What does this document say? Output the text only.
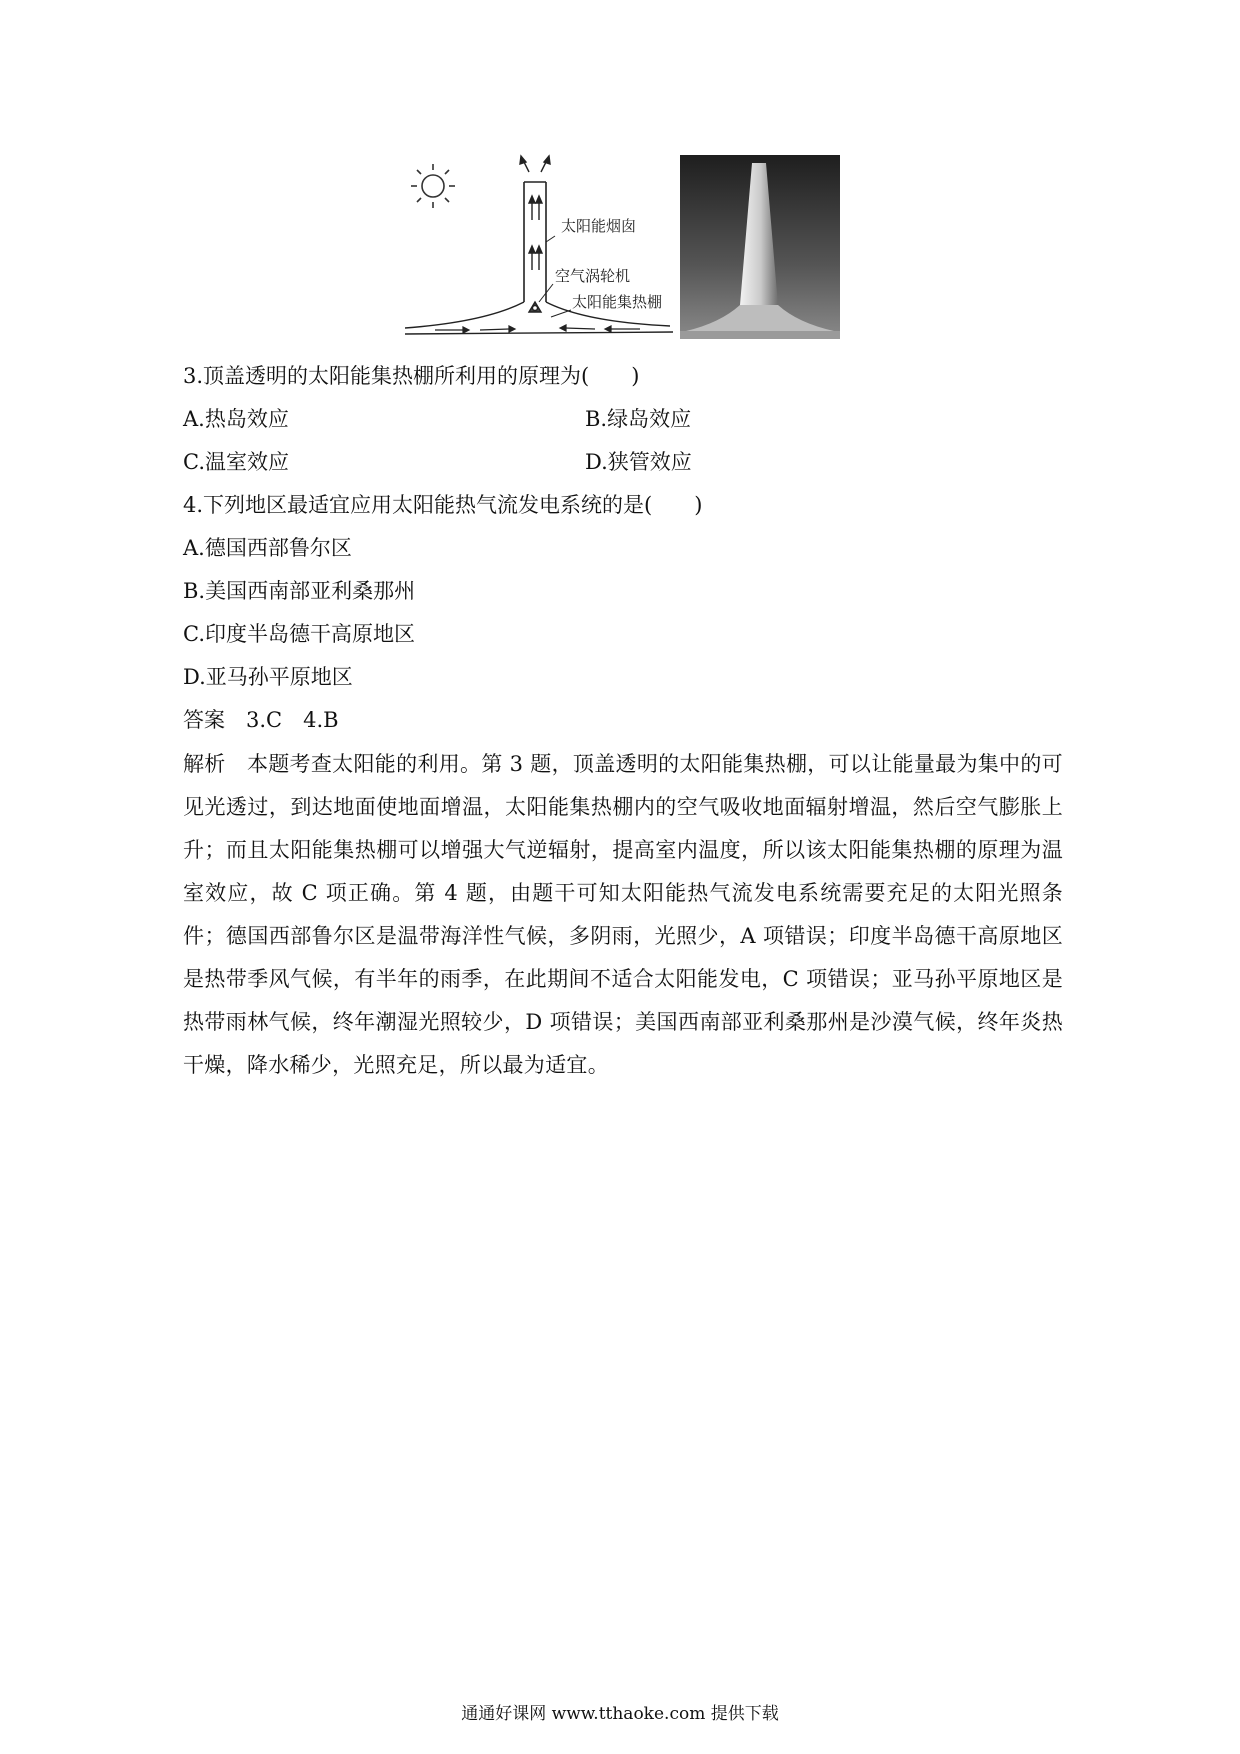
太阳能烟囱
空气涡轮机
太阳能集热棚
3.顶盖透明的太阳能集热棚所利用的原理为(　　)
A.热岛效应	B.绿岛效应
C.温室效应	D.狭管效应
4.下列地区最适宜应用太阳能热气流发电系统的是(　　)
A.德国西部鲁尔区
B.美国西南部亚利桑那州
C.印度半岛德干高原地区
D.亚马孙平原地区
答案　 3.C　4.B
解析　 本题考查太阳能的利用。第 3 题，顶盖透明的太阳能集热棚，可以让能量最为集中的可见光透过，到达地面使地面增温，太阳能集热棚内的空气吸收地面辐射增温，然后空气膨胀上升；而且太阳能集热棚可以增强大气逆辐射，提高室内温度，所以该太阳能集热棚的原理为温室效应，故 C 项正确。第 4 题，由题干可知太阳能热气流发电系统需要充足的太阳光照条件；德国西部鲁尔区是温带海洋性气候，多阴雨，光照少，A 项错误；印度半岛德干高原地区是热带季风气候，有半年的雨季，在此期间不适合太阳能发电，C 项错误；亚马孙平原地区是热带雨林气候，终年潮湿光照较少，D 项错误；美国西南部亚利桑那州是沙漠气候，终年炎热干燥，降水稀少，光照充足，所以最为适宜。
通通好课网 www.tthaoke.com 提供下载
